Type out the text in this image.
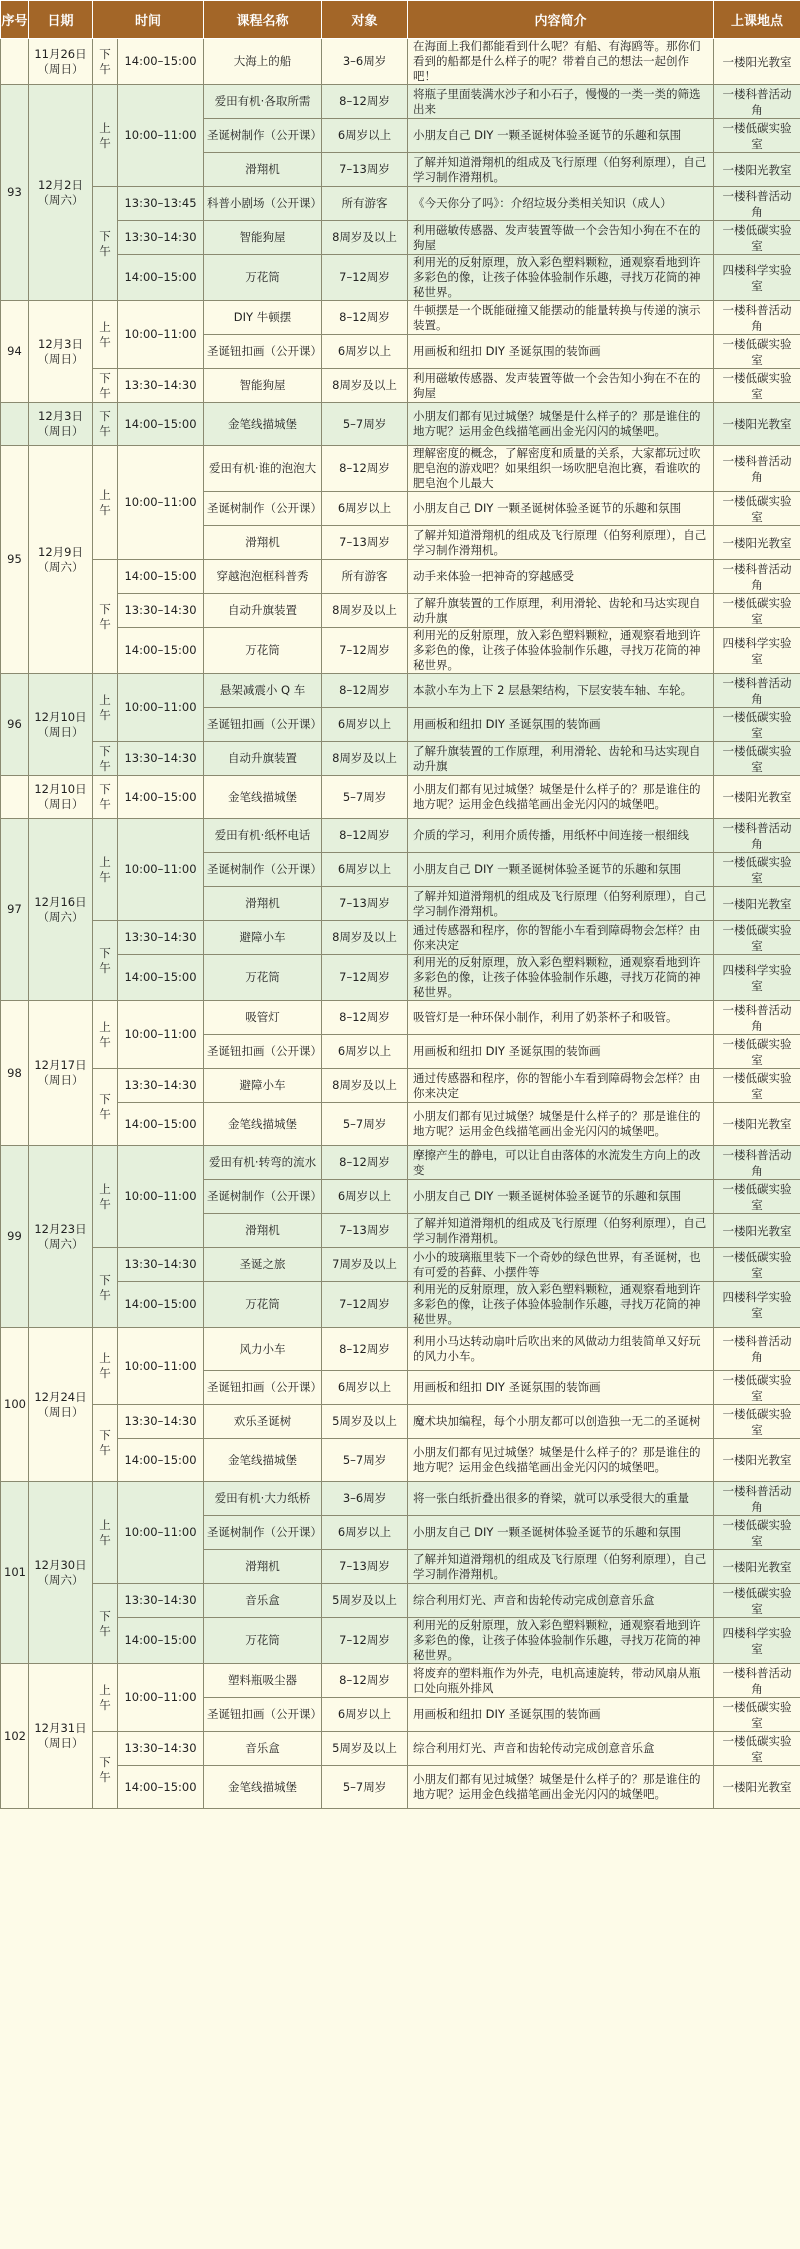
序号	日期	时间		课程名称	对象	内容简介	上课地点
	11月26日（周日）	下午	14:00–15:00	大海上的船	3–6周岁	在海面上我们都能看到什么呢？有船、有海鸥等。那你们看到的船都是什么样子的呢？带着自己的想法一起创作吧！	一楼阳光教室
93	12月2日（周六）	上午	10:00–11:00	爱田有机·各取所需	8–12周岁	将瓶子里面装满水沙子和小石子，慢慢的一类一类的筛选出来	一楼科普活动角
				圣诞树制作（公开课）	6周岁以上	小朋友自己 DIY 一颗圣诞树体验圣诞节的乐趣和氛围	一楼低碳实验室
				滑翔机	7–13周岁	了解并知道滑翔机的组成及飞行原理（伯努利原理），自己学习制作滑翔机。	一楼阳光教室
		下午	13:30–13:45	科普小剧场（公开课）	所有游客	《今天你分了吗》：介绍垃圾分类相关知识（成人）	一楼科普活动角
			13:30–14:30	智能狗屋	8周岁及以上	利用磁敏传感器、发声装置等做一个会告知小狗在不在的狗屋	一楼低碳实验室
			14:00–15:00	万花筒	7–12周岁	利用光的反射原理，放入彩色塑料颗粒，通观察看地到许多彩色的像，让孩子体验体验制作乐趣，寻找万花筒的神秘世界。	四楼科学实验室
94	12月3日（周日）	上午	10:00–11:00	DIY 牛顿摆	8–12周岁	牛顿摆是一个既能碰撞又能摆动的能量转换与传递的演示装置。	一楼科普活动角
				圣诞钮扣画（公开课）	6周岁以上	用画板和纽扣 DIY 圣诞氛围的装饰画	一楼低碳实验室
		下午	13:30–14:30	智能狗屋	8周岁及以上	利用磁敏传感器、发声装置等做一个会告知小狗在不在的狗屋	一楼低碳实验室
	12月3日（周日）	下午	14:00–15:00	金笔线描城堡	5–7周岁	小朋友们都有见过城堡？城堡是什么样子的？那是谁住的地方呢？运用金色线描笔画出金光闪闪的城堡吧。	一楼阳光教室
95	12月9日（周六）	上午	10:00–11:00	爱田有机·谁的泡泡大	8–12周岁	理解密度的概念，了解密度和质量的关系，大家都玩过吹肥皂泡的游戏吧？如果组织一场吹肥皂泡比赛，看谁吹的肥皂泡个儿最大	一楼科普活动角
				圣诞树制作（公开课）	6周岁以上	小朋友自己 DIY 一颗圣诞树体验圣诞节的乐趣和氛围	一楼低碳实验室
				滑翔机	7–13周岁	了解并知道滑翔机的组成及飞行原理（伯努利原理），自己学习制作滑翔机。	一楼阳光教室
		下午	14:00–15:00	穿越泡泡框科普秀	所有游客	动手来体验一把神奇的穿越感受	一楼科普活动角
			13:30–14:30	自动升旗装置	8周岁及以上	了解升旗装置的工作原理，利用滑轮、齿轮和马达实现自动升旗	一楼低碳实验室
			14:00–15:00	万花筒	7–12周岁	利用光的反射原理，放入彩色塑料颗粒，通观察看地到许多彩色的像，让孩子体验体验制作乐趣，寻找万花筒的神秘世界。	四楼科学实验室
96	12月10日（周日）	上午	10:00–11:00	悬架减震小 Q 车	8–12周岁	本款小车为上下 2 层悬架结构，下层安装车轴、车轮。	一楼科普活动角
				圣诞钮扣画（公开课）	6周岁以上	用画板和纽扣 DIY 圣诞氛围的装饰画	一楼低碳实验室
		下午	13:30–14:30	自动升旗装置	8周岁及以上	了解升旗装置的工作原理，利用滑轮、齿轮和马达实现自动升旗	一楼低碳实验室
	12月10日（周日）	下午	14:00–15:00	金笔线描城堡	5–7周岁	小朋友们都有见过城堡？城堡是什么样子的？那是谁住的地方呢？运用金色线描笔画出金光闪闪的城堡吧。	一楼阳光教室
97	12月16日（周六）	上午	10:00–11:00	爱田有机·纸杯电话	8–12周岁	介质的学习，利用介质传播，用纸杯中间连接一根细线	一楼科普活动角
				圣诞树制作（公开课）	6周岁以上	小朋友自己 DIY 一颗圣诞树体验圣诞节的乐趣和氛围	一楼低碳实验室
				滑翔机	7–13周岁	了解并知道滑翔机的组成及飞行原理（伯努利原理），自己学习制作滑翔机。	一楼阳光教室
		下午	13:30–14:30	避障小车	8周岁及以上	通过传感器和程序，你的智能小车看到障碍物会怎样？由你来决定	一楼低碳实验室
			14:00–15:00	万花筒	7–12周岁	利用光的反射原理，放入彩色塑料颗粒，通观察看地到许多彩色的像，让孩子体验体验制作乐趣，寻找万花筒的神秘世界。	四楼科学实验室
98	12月17日（周日）	上午	10:00–11:00	吸管灯	8–12周岁	吸管灯是一种环保小制作，利用了奶茶杯子和吸管。	一楼科普活动角
				圣诞钮扣画（公开课）	6周岁以上	用画板和纽扣 DIY 圣诞氛围的装饰画	一楼低碳实验室
		下午	13:30–14:30	避障小车	8周岁及以上	通过传感器和程序，你的智能小车看到障碍物会怎样？由你来决定	一楼低碳实验室
			14:00–15:00	金笔线描城堡	5–7周岁	小朋友们都有见过城堡？城堡是什么样子的？那是谁住的地方呢？运用金色线描笔画出金光闪闪的城堡吧。	一楼阳光教室
99	12月23日（周六）	上午	10:00–11:00	爱田有机·转弯的流水	8–12周岁	摩擦产生的静电，可以让自由落体的水流发生方向上的改变	一楼科普活动角
				圣诞树制作（公开课）	6周岁以上	小朋友自己 DIY 一颗圣诞树体验圣诞节的乐趣和氛围	一楼低碳实验室
				滑翔机	7–13周岁	了解并知道滑翔机的组成及飞行原理（伯努利原理），自己学习制作滑翔机。	一楼阳光教室
		下午	13:30–14:30	圣诞之旅	7周岁及以上	小小的玻璃瓶里装下一个奇妙的绿色世界，有圣诞树，也有可爱的苔藓、小摆件等	一楼低碳实验室
			14:00–15:00	万花筒	7–12周岁	利用光的反射原理，放入彩色塑料颗粒，通观察看地到许多彩色的像，让孩子体验体验制作乐趣，寻找万花筒的神秘世界。	四楼科学实验室
100	12月24日（周日）	上午	10:00–11:00	风力小车	8–12周岁	利用小马达转动扇叶后吹出来的风做动力组装简单又好玩的风力小车。	一楼科普活动角
				圣诞钮扣画（公开课）	6周岁以上	用画板和纽扣 DIY 圣诞氛围的装饰画	一楼低碳实验室
		下午	13:30–14:30	欢乐圣诞树	5周岁及以上	魔术块加编程，每个小朋友都可以创造独一无二的圣诞树	一楼低碳实验室
			14:00–15:00	金笔线描城堡	5–7周岁	小朋友们都有见过城堡？城堡是什么样子的？那是谁住的地方呢？运用金色线描笔画出金光闪闪的城堡吧。	一楼阳光教室
101	12月30日（周六）	上午	10:00–11:00	爱田有机·大力纸桥	3–6周岁	将一张白纸折叠出很多的脊梁，就可以承受很大的重量	一楼科普活动角
				圣诞树制作（公开课）	6周岁以上	小朋友自己 DIY 一颗圣诞树体验圣诞节的乐趣和氛围	一楼低碳实验室
				滑翔机	7–13周岁	了解并知道滑翔机的组成及飞行原理（伯努利原理），自己学习制作滑翔机。	一楼阳光教室
		下午	13:30–14:30	音乐盒	5周岁及以上	综合利用灯光、声音和齿轮传动完成创意音乐盒	一楼低碳实验室
			14:00–15:00	万花筒	7–12周岁	利用光的反射原理，放入彩色塑料颗粒，通观察看地到许多彩色的像，让孩子体验体验制作乐趣，寻找万花筒的神秘世界。	四楼科学实验室
102	12月31日（周日）	上午	10:00–11:00	塑料瓶吸尘器	8–12周岁	将废弃的塑料瓶作为外壳，电机高速旋转，带动风扇从瓶口处向瓶外排风	一楼科普活动角
				圣诞钮扣画（公开课）	6周岁以上	用画板和纽扣 DIY 圣诞氛围的装饰画	一楼低碳实验室
		下午	13:30–14:30	音乐盒	5周岁及以上	综合利用灯光、声音和齿轮传动完成创意音乐盒	一楼低碳实验室
			14:00–15:00	金笔线描城堡	5–7周岁	小朋友们都有见过城堡？城堡是什么样子的？那是谁住的地方呢？运用金色线描笔画出金光闪闪的城堡吧。	一楼阳光教室
